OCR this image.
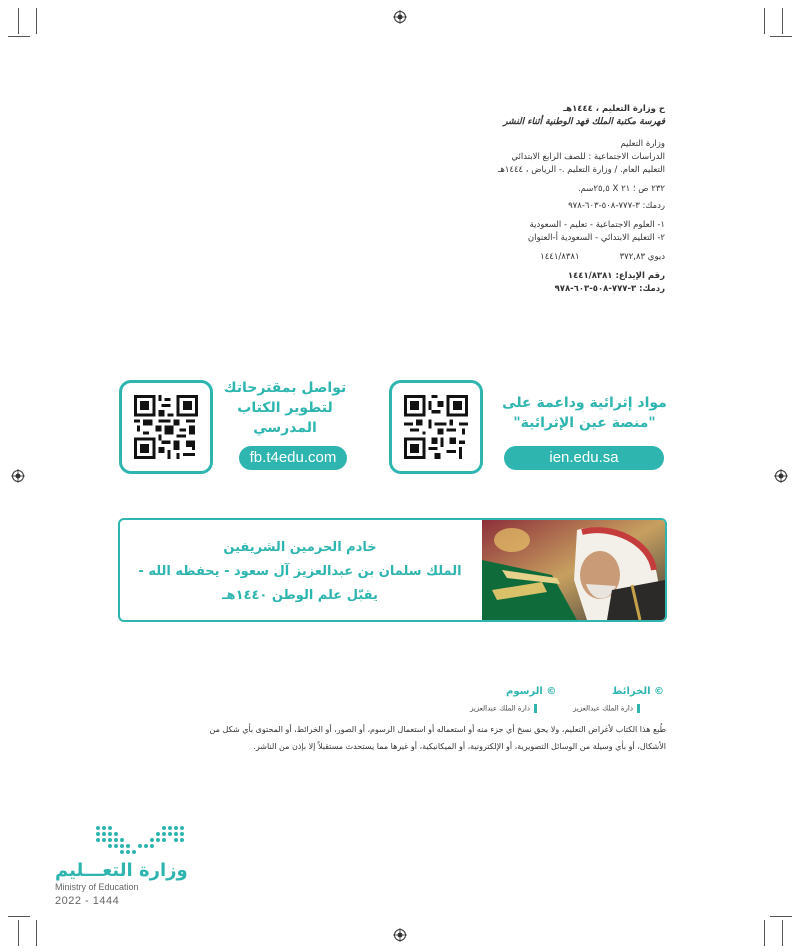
ح وزارة التعليم ، ١٤٤٤هـ
فهرسة مكتبة الملك فهد الوطنية أثناء النشر
وزارة التعليم
الدراسات الاجتماعية : للصف الرابع الابتدائي
التعليم العام. / وزارة التعليم .- الرياض ، ١٤٤٤هـ
٢٣٢ ص ؛ ٢١ X ٢٥,٥سم.
ردمك: ٣-٧٧٧-٥٠٨-٦٠٣-٩٧٨
١- العلوم الاجتماعية - تعليم - السعودية
٢- التعليم الابتدائي - السعودية أ-العنوان
ديوي ٣٧٢,٨٣
١٤٤١/٨٣٨١
رقم الإيداع: ١٤٤١/٨٣٨١
ردمك: ٣-٧٧٧-٥٠٨-٦٠٣-٩٧٨
تواصل بمقترحاتك
لتطوير الكتاب
المدرسي
fb.t4edu.com
مواد إثرائية وداعمة على
"منصة عين الإثرائية"
ien.edu.sa
خادم الحرمين الشريفين
الملك سلمان بن عبدالعزيز آل سعود - يحفظه الله -
يقبّل علم الوطن ١٤٤٠هـ
© الخرائط
© الرسوم
دارة الملك عبدالعزيز
دارة الملك عبدالعزيز
طُبع هذا الكتاب لأغراض التعليم، ولا يحق نسخ أي جزء منه أو استعماله أو استعمال الرسوم، أو الصور، أو الخرائط، أو المحتوى بأي شكل من
الأشكال، أو بأي وسيلة من الوسائل التصويرية، أو الإلكترونية، أو الميكانيكية، أو غيرها مما يستحدث مستقبلاً إلا بإذن من الناشر.
وزارة التعـــليم
Ministry of Education
2022 - 1444
